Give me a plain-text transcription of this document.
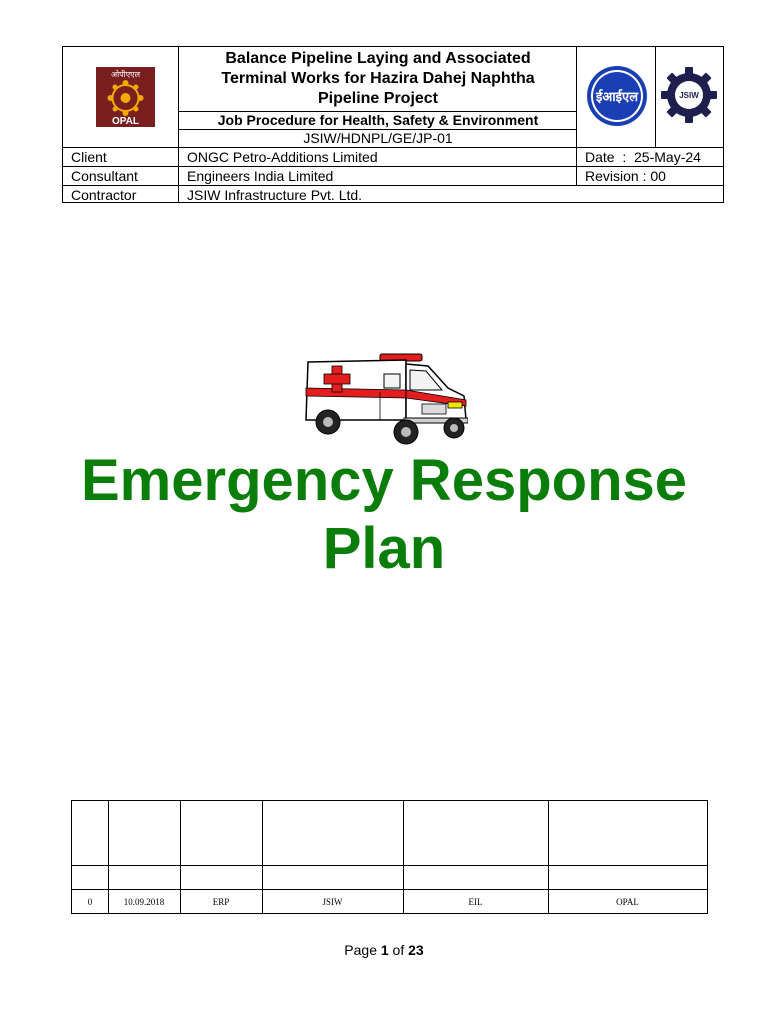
ओपीएएल
OPAL
Balance Pipeline Laying and Associated
Terminal Works for Hazira Dahej Naphtha
Pipeline Project
Job Procedure for Health, Safety & Environment
JSIW/HDNPL/GE/JP-01
ईआईएल	JSIW
Client	ONGC Petro-Additions Limited	Date  :  25-May-24
Consultant	Engineers India Limited	Revision : 00
Contractor	JSIW Infrastructure Pvt. Ltd.
Emergency Response
Plan
0	10.09.2018	ERP	JSIW	EIL	OPAL
Page 1 of 23
